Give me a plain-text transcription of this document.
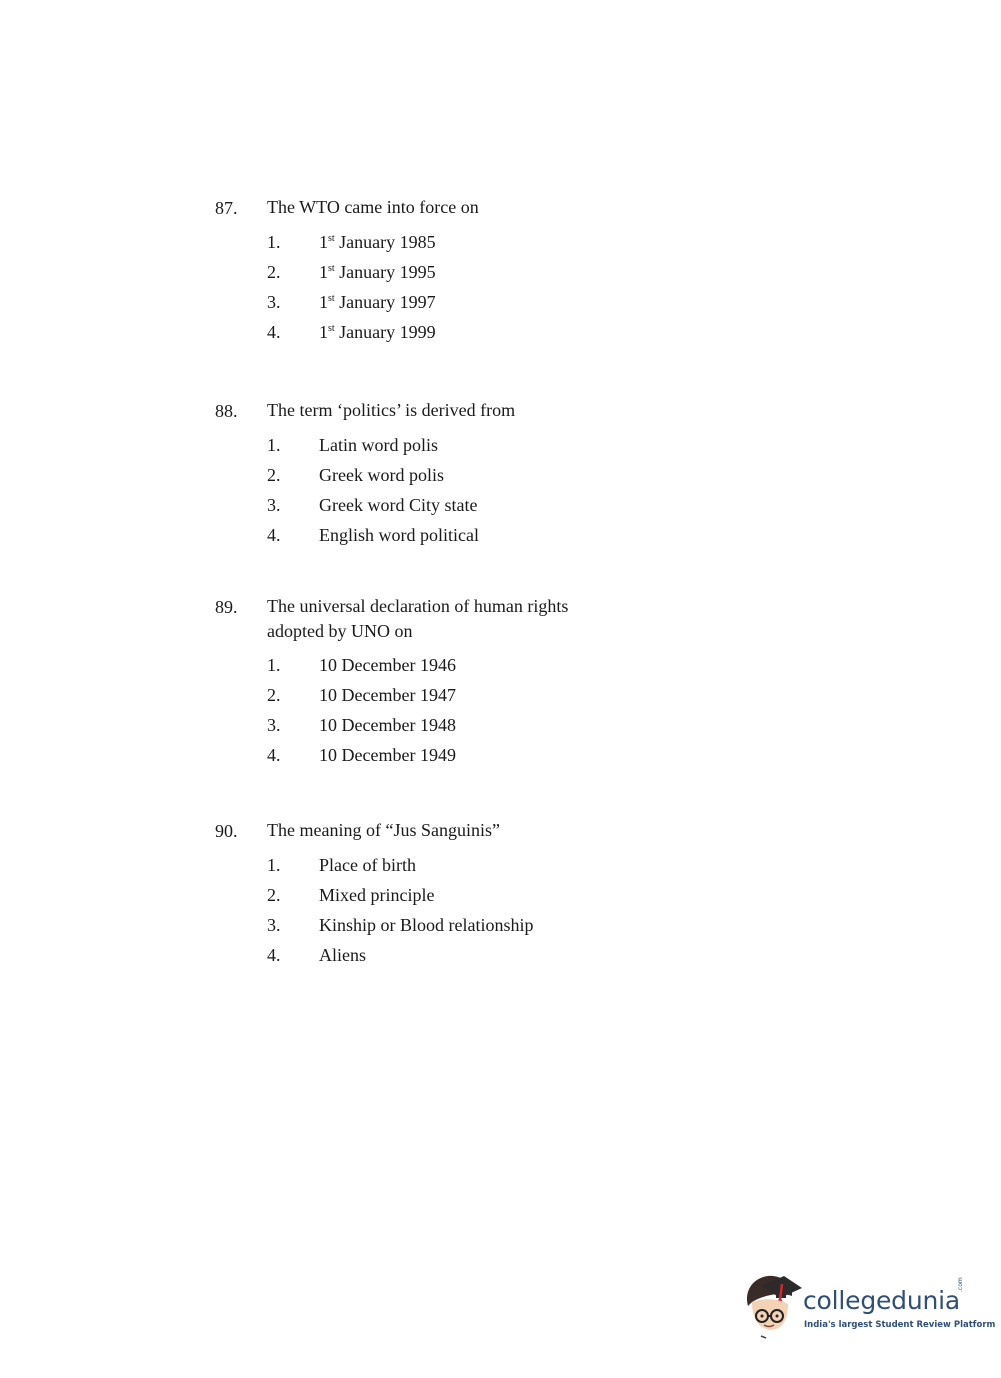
87. The WTO came into force on
1. 1st January 1985
2. 1st January 1995
3. 1st January 1997
4. 1st January 1999
88. The term ‘politics’ is derived from
1. Latin word polis
2. Greek word polis
3. Greek word City state
4. English word political
89. The universal declaration of human rights
adopted by UNO on
1. 10 December 1946
2. 10 December 1947
3. 10 December 1948
4. 10 December 1949
90. The meaning of “Jus Sanguinis”
1. Place of birth
2. Mixed principle
3. Kinship or Blood relationship
4. Aliens
collegedunia
.com
India's largest Student Review Platform
